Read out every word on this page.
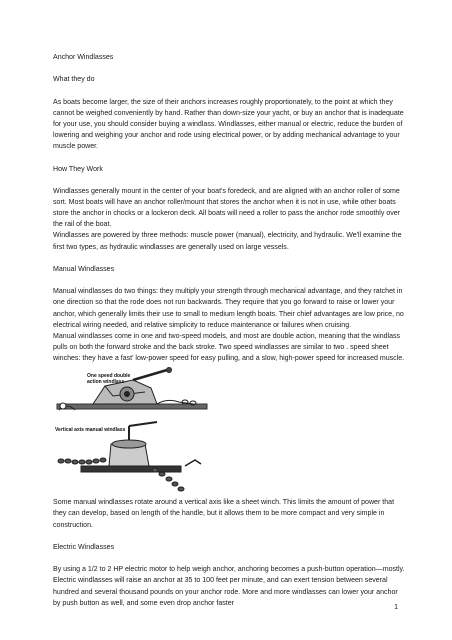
Anchor Windlasses

What they do

As boats become larger, the size of their anchors increases roughly proportionately, to the point at which they cannot be weighed conveniently by hand. Rather than down-size your yacht, or buy an anchor that is inadequate for your use, you should consider buying a windlass. Windlasses, either manual or electric, reduce the burden of lowering and weighing your anchor and rode using electrical power, or by adding mechanical advantage to your muscle power.

How They Work

Windlasses generally mount in the center of your boat's foredeck, and are aligned with an anchor roller of some sort. Most boats will have an anchor roller/mount that stores the anchor when it is not in use, while other boats store the anchor in chocks or a lockeron deck. All boats will need a roller to pass the anchor rode smoothly over the rail of the boat.

Windlasses are powered by three methods: muscle power (manual), electricity, and hydraulic. We'll examine the first two types, as hydraulic windlasses are generally used on large vessels.

Manual Windlasses

Manual windlasses do two things: they multiply your strength through mechanical advantage, and they ratchet in one direction so that the rode does not run backwards. They require that you go forward to raise or lower your anchor, which generally limits their use to small to medium length boats. Their chief advantages are low price, no electrical wiring needed, and relative simplicity to reduce maintenance or failures when cruising.

Manual windlasses come in one and two-speed models, and most are double action, meaning that the windlass pulls on both the forward stroke and the back stroke. Two speed windlasses are similar to two . speed sheet winches: they have a fast' low-power speed for easy pulling, and a slow, high-power speed for increased muscle.

One speed double action windlass
Vertical axis manual windlass

Some manual windlasses rotate around a vertical axis like a sheet winch. This limits the amount of power that they can develop, based on length of the handle, but it allows them to be more compact and very simple in construction.

Electric Windlasses

By using a 1/2 to 2 HP electric motor to help weigh anchor, anchoring becomes a push-button operation—mostly. Electric windlasses will raise an anchor at 35 to 100 feet per minute, and can exert tension between several hundred and several thousand pounds on your anchor rode. More and more windlasses can lower your anchor by push button as well, and some even drop anchor faster

1
